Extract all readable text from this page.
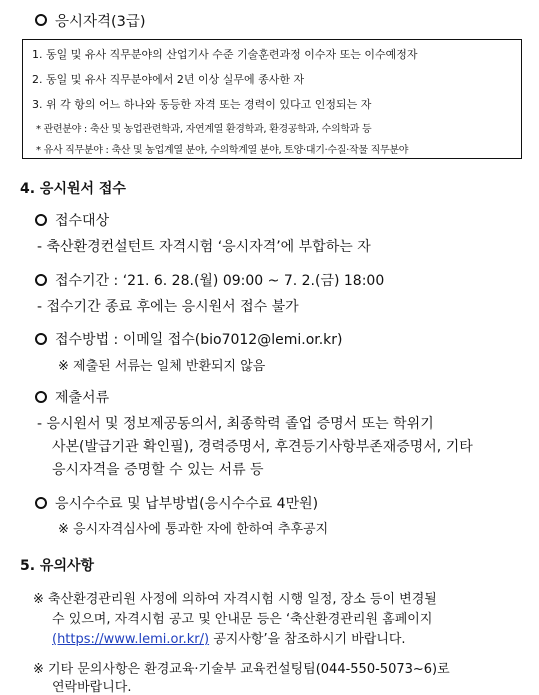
응시자격(3급)
1. 동일 및 유사 직무분야의 산업기사 수준 기술훈련과정 이수자 또는 이수예정자
2. 동일 및 유사 직무분야에서 2년 이상 실무에 종사한 자
3. 위 각 항의 어느 하나와 동등한 자격 또는 경력이 있다고 인정되는 자
* 관련분야 : 축산 및 농업관련학과, 자연계열 환경학과, 환경공학과, 수의학과 등
* 유사 직무분야 : 축산 및 농업계열 분야, 수의학계열 분야, 토양·대기·수질·작물 직무분야
4. 응시원서 접수
접수대상
- 축산환경컨설턴트 자격시험 ‘응시자격’에 부합하는 자
접수기간 : ‘21. 6. 28.(월) 09:00 ~ 7. 2.(금) 18:00
- 접수기간 종료 후에는 응시원서 접수 불가
접수방법 : 이메일 접수(bio7012@lemi.or.kr)
※ 제출된 서류는 일체 반환되지 않음
제출서류
- 응시원서 및 정보제공동의서, 최종학력 졸업 증명서 또는 학위기
사본(발급기관 확인필), 경력증명서, 후견등기사항부존재증명서, 기타
응시자격을 증명할 수 있는 서류 등
응시수수료 및 납부방법(응시수수료 4만원)
※ 응시자격심사에 통과한 자에 한하여 추후공지
5. 유의사항
※ 축산환경관리원 사정에 의하여 자격시험 시행 일정, 장소 등이 변경될
수 있으며, 자격시험 공고 및 안내문 등은 ‘축산환경관리원 홈페이지
(https://www.lemi.or.kr/) 공지사항’을 참조하시기 바랍니다.
※ 기타 문의사항은 환경교육·기술부 교육컨설팅팀(044-550-5073~6)로
연락바랍니다.
